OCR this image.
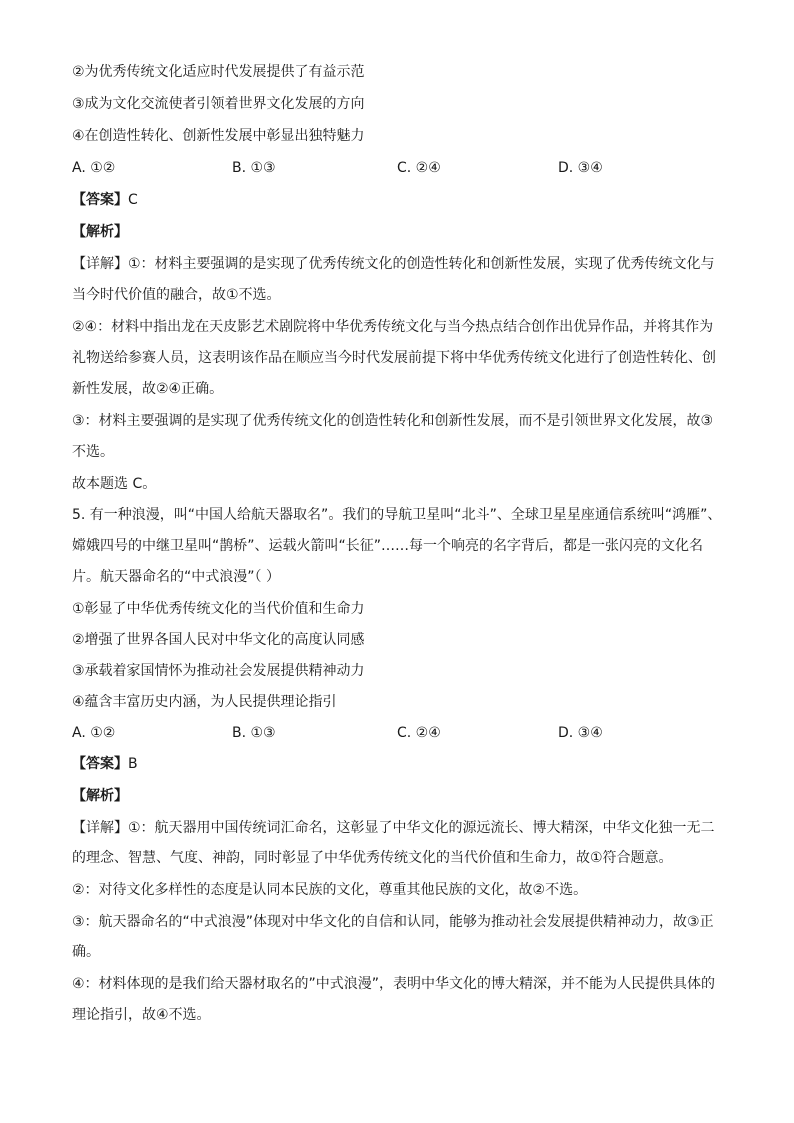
②为优秀传统文化适应时代发展提供了有益示范
③成为文化交流使者引领着世界文化发展的方向
④在创造性转化、创新性发展中彰显出独特魅力
A. ①②	B. ①③	C. ②④	D. ③④
【答案】C
【解析】
【详解】①：材料主要强调的是实现了优秀传统文化的创造性转化和创新性发展，实现了优秀传统文化与
当今时代价值的融合，故①不选。
②④：材料中指出龙在天皮影艺术剧院将中华优秀传统文化与当今热点结合创作出优异作品，并将其作为
礼物送给参赛人员，这表明该作品在顺应当今时代发展前提下将中华优秀传统文化进行了创造性转化、创
新性发展，故②④正确。
③：材料主要强调的是实现了优秀传统文化的创造性转化和创新性发展，而不是引领世界文化发展，故③
不选。
故本题选 C。
5. 有一种浪漫，叫“中国人给航天器取名”。我们的导航卫星叫“北斗”、全球卫星星座通信系统叫“鸿雁”、
嫦娥四号的中继卫星叫“鹊桥”、运载火箭叫“长征”……每一个响亮的名字背后，都是一张闪亮的文化名
片。航天器命名的“中式浪漫”（ ）
①彰显了中华优秀传统文化的当代价值和生命力
②增强了世界各国人民对中华文化的高度认同感
③承载着家国情怀为推动社会发展提供精神动力
④蕴含丰富历史内涵，为人民提供理论指引
A. ①②	B. ①③	C. ②④	D. ③④
【答案】B
【解析】
【详解】①：航天器用中国传统词汇命名，这彰显了中华文化的源远流长、博大精深，中华文化独一无二
的理念、智慧、气度、神韵，同时彰显了中华优秀传统文化的当代价值和生命力，故①符合题意。
②：对待文化多样性的态度是认同本民族的文化，尊重其他民族的文化，故②不选。
③：航天器命名的“中式浪漫”体现对中华文化的自信和认同，能够为推动社会发展提供精神动力，故③正
确。
④：材料体现的是我们给天器材取名的”中式浪漫”，表明中华文化的博大精深，并不能为人民提供具体的
理论指引，故④不选。
